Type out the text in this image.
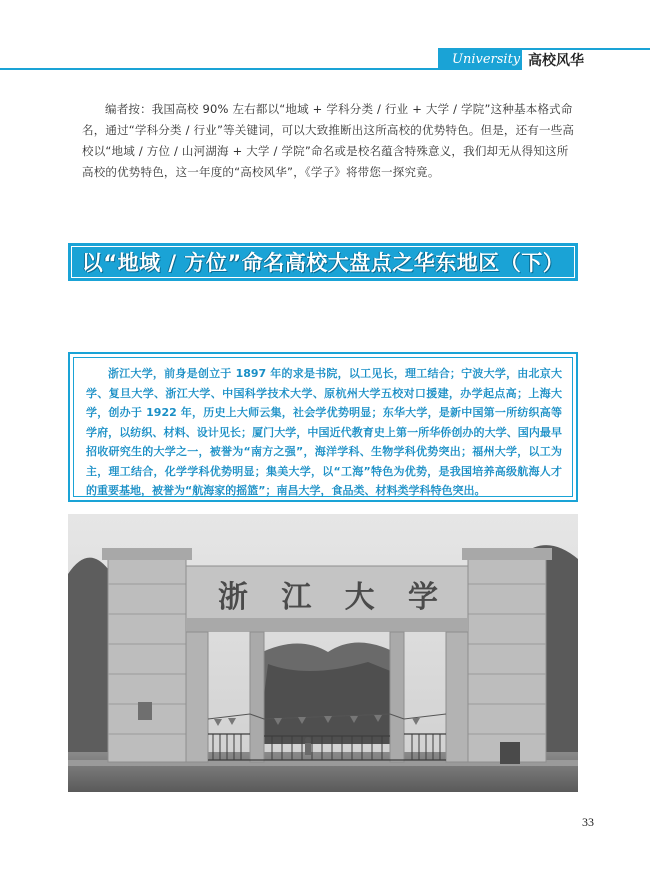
University 高校风华

编者按：我国高校 90% 左右都以“地域 + 学科分类 / 行业 + 大学 / 学院”这种基本格式命名，通过“学科分类 / 行业”等关键词，可以大致推断出这所高校的优势特色。但是，还有一些高校以“地域 / 方位 / 山河湖海 + 大学 / 学院”命名或是校名蕴含特殊意义，我们却无从得知这所高校的优势特色，这一年度的“高校风华”，《学子》将带您一探究竟。

以“地域 / 方位”命名高校大盘点之华东地区（下）

浙江大学，前身是创立于 1897 年的求是书院，以工见长，理工结合；宁波大学，由北京大学、复旦大学、浙江大学、中国科学技术大学、原杭州大学五校对口援建，办学起点高；上海大学，创办于 1922 年，历史上大师云集，社会学优势明显；东华大学，是新中国第一所纺织高等学府，以纺织、材料、设计见长；厦门大学，中国近代教育史上第一所华侨创办的大学、国内最早招收研究生的大学之一，被誉为“南方之强”，海洋学科、生物学科优势突出；福州大学，以工为主，理工结合，化学学科优势明显；集美大学，以“工海”特色为优势，是我国培养高级航海人才的重要基地，被誉为“航海家的摇篮”；南昌大学，食品类、材料类学科特色突出。

浙 江 大 学
33
